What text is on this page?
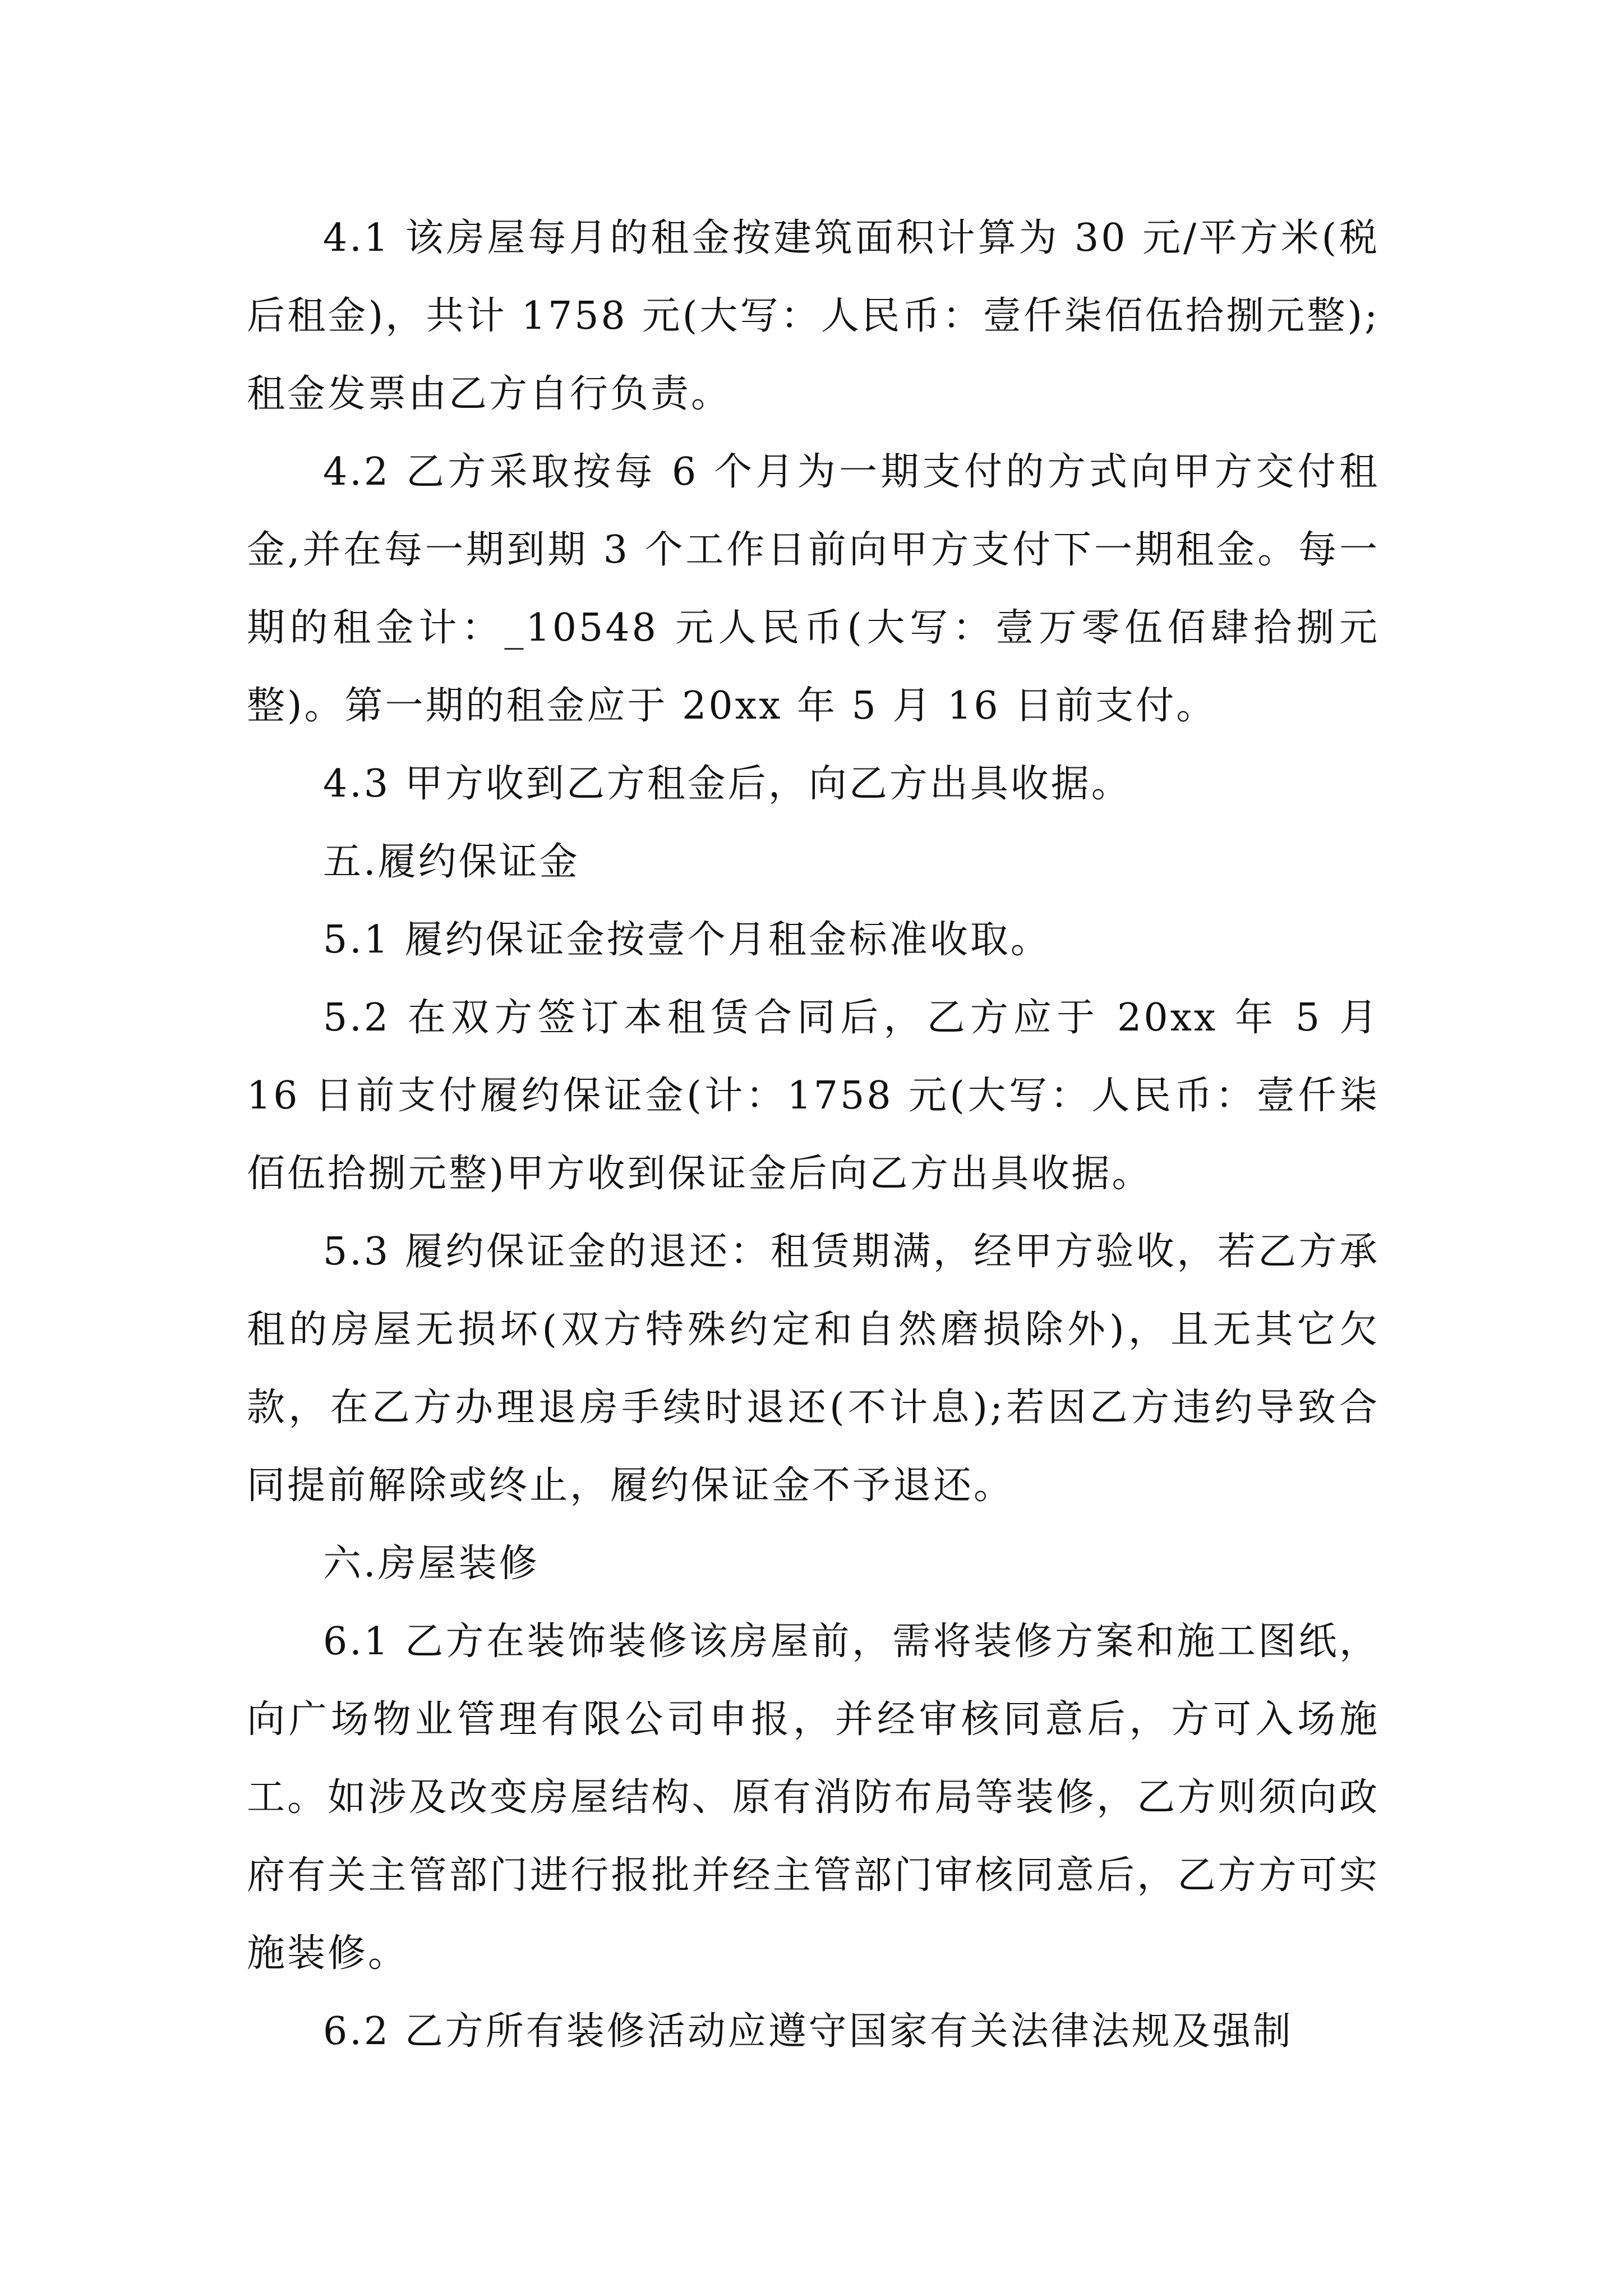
4.1 该房屋每月的租金按建筑面积计算为 30 元/平方米(税后租金)，共计 1758 元(大写：人民币：壹仟柒佰伍拾捌元整);租金发票由乙方自行负责。

4.2 乙方采取按每 6 个月为一期支付的方式向甲方交付租金,并在每一期到期 3 个工作日前向甲方支付下一期租金。每一期的租金计：_10548 元人民币(大写：壹万零伍佰肆拾捌元整)。第一期的租金应于 20xx 年 5 月 16 日前支付。

4.3 甲方收到乙方租金后，向乙方出具收据。

五.履约保证金

5.1 履约保证金按壹个月租金标准收取。

5.2 在双方签订本租赁合同后，乙方应于 20xx 年 5 月 16 日前支付履约保证金(计：1758 元(大写：人民币：壹仟柒佰伍拾捌元整)甲方收到保证金后向乙方出具收据。

5.3 履约保证金的退还：租赁期满，经甲方验收，若乙方承租的房屋无损坏(双方特殊约定和自然磨损除外)，且无其它欠款，在乙方办理退房手续时退还(不计息);若因乙方违约导致合同提前解除或终止，履约保证金不予退还。

六.房屋装修

6.1 乙方在装饰装修该房屋前，需将装修方案和施工图纸，向广场物业管理有限公司申报，并经审核同意后，方可入场施工。如涉及改变房屋结构、原有消防布局等装修，乙方则须向政府有关主管部门进行报批并经主管部门审核同意后，乙方方可实施装修。

6.2 乙方所有装修活动应遵守国家有关法律法规及强制
